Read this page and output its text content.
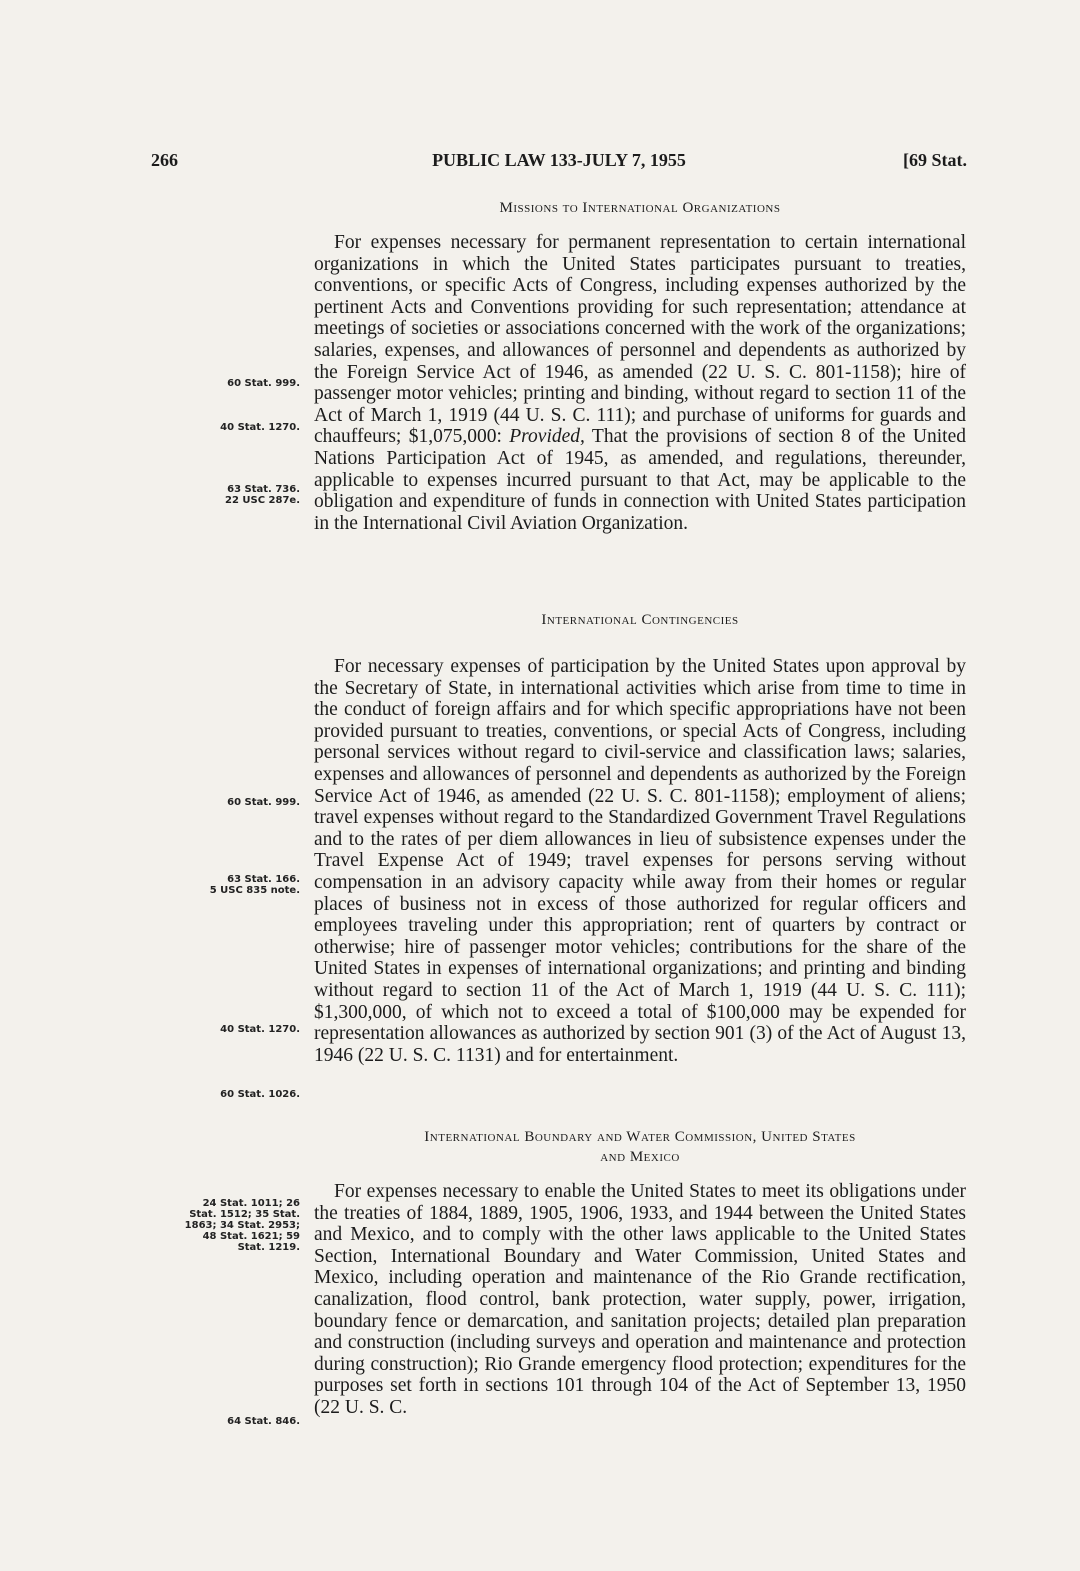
266	PUBLIC LAW 133-JULY 7, 1955	[69 Stat.

Missions to International Organizations

For expenses necessary for permanent representation to certain international organizations in which the United States participates pursuant to treaties, conventions, or specific Acts of Congress, including expenses authorized by the pertinent Acts and Conventions providing for such representation; attendance at meetings of societies or associations concerned with the work of the organizations; salaries, expenses, and allowances of personnel and dependents as authorized by the Foreign Service Act of 1946, as amended (22 U. S. C. 801-1158); hire of passenger motor vehicles; printing and binding, without regard to section 11 of the Act of March 1, 1919 (44 U. S. C. 111); and purchase of uniforms for guards and chauffeurs; $1,075,000: Provided, That the provisions of section 8 of the United Nations Participation Act of 1945, as amended, and regulations, thereunder, applicable to expenses incurred pursuant to that Act, may be applicable to the obligation and expenditure of funds in connection with United States participation in the International Civil Aviation Organization.

International Contingencies

For necessary expenses of participation by the United States upon approval by the Secretary of State, in international activities which arise from time to time in the conduct of foreign affairs and for which specific appropriations have not been provided pursuant to treaties, conventions, or special Acts of Congress, including personal services without regard to civil-service and classification laws; salaries, expenses and allowances of personnel and dependents as authorized by the Foreign Service Act of 1946, as amended (22 U. S. C. 801-1158); employment of aliens; travel expenses without regard to the Standardized Government Travel Regulations and to the rates of per diem allowances in lieu of subsistence expenses under the Travel Expense Act of 1949; travel expenses for persons serving without compensation in an advisory capacity while away from their homes or regular places of business not in excess of those authorized for regular officers and employees traveling under this appropriation; rent of quarters by contract or otherwise; hire of passenger motor vehicles; contributions for the share of the United States in expenses of international organizations; and printing and binding without regard to section 11 of the Act of March 1, 1919 (44 U. S. C. 111); $1,300,000, of which not to exceed a total of $100,000 may be expended for representation allowances as authorized by section 901 (3) of the Act of August 13, 1946 (22 U. S. C. 1131) and for entertainment.

International Boundary and Water Commission, United States

and Mexico

For expenses necessary to enable the United States to meet its obligations under the treaties of 1884, 1889, 1905, 1906, 1933, and 1944 between the United States and Mexico, and to comply with the other laws applicable to the United States Section, International Boundary and Water Commission, United States and Mexico, including operation and maintenance of the Rio Grande rectification, canalization, flood control, bank protection, water supply, power, irrigation, boundary fence or demarcation, and sanitation projects; detailed plan preparation and construction (including surveys and operation and maintenance and protection during construction); Rio Grande emergency flood protection; expenditures for the purposes set forth in sections 101 through 104 of the Act of September 13, 1950 (22 U. S. C.

60 Stat. 999.
40 Stat. 1270.
63 Stat. 736.
22 USC 287e.
60 Stat. 999.
63 Stat. 166.
5 USC 835 note.
40 Stat. 1270.
60 Stat. 1026.
24 Stat. 1011; 26
Stat. 1512; 35 Stat.
1863; 34 Stat. 2953;
48 Stat. 1621; 59
Stat. 1219.
64 Stat. 846.
